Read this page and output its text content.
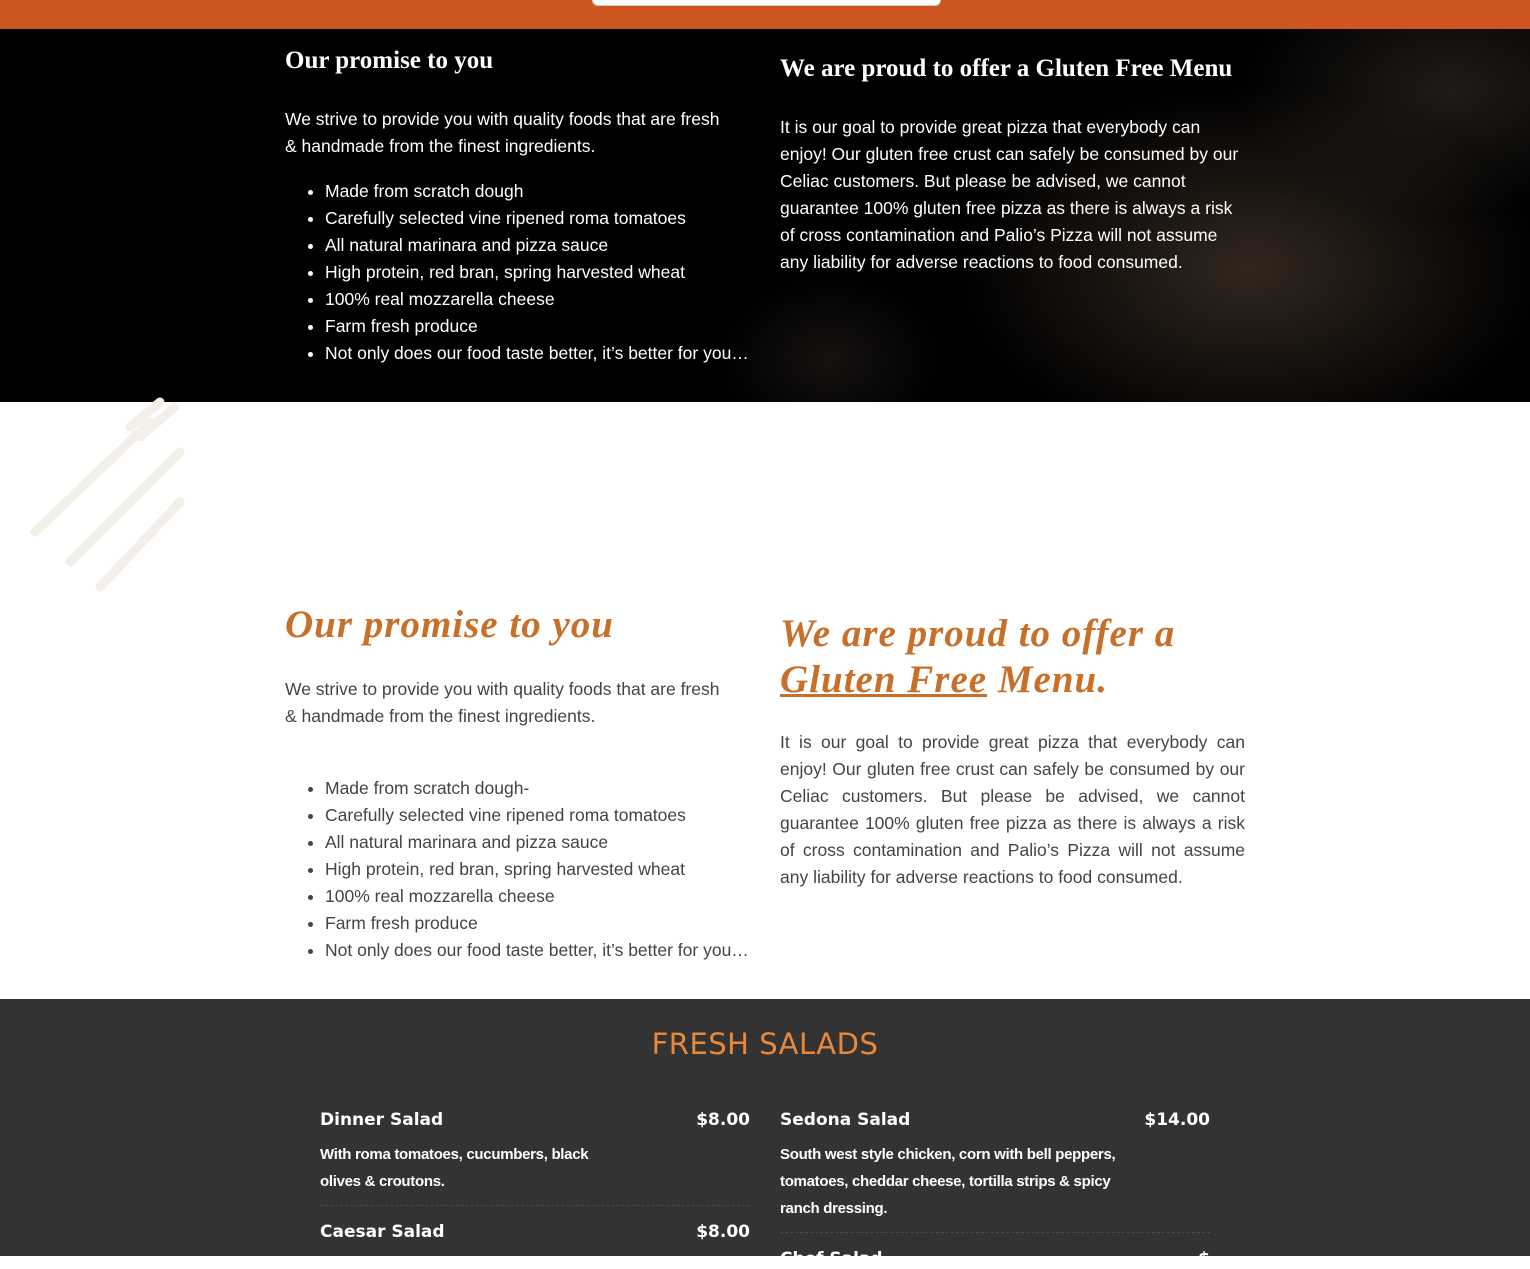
Our promise to you

We strive to provide you with quality foods that are fresh & handmade from the finest ingredients.

• Made from scratch dough
• Carefully selected vine ripened roma tomatoes
• All natural marinara and pizza sauce
• High protein, red bran, spring harvested wheat
• 100% real mozzarella cheese
• Farm fresh produce
• Not only does our food taste better, it’s better for you…
We are proud to offer a Gluten Free Menu

It is our goal to provide great pizza that everybody can enjoy! Our gluten free crust can safely be consumed by our Celiac customers. But please be advised, we cannot guarantee 100% gluten free pizza as there is always a risk of cross contamination and Palio’s Pizza will not assume any liability for adverse reactions to food consumed.

Our promise to you

We strive to provide you with quality foods that are fresh & handmade from the finest ingredients.

• Made from scratch dough-
• Carefully selected vine ripened roma tomatoes
• All natural marinara and pizza sauce
• High protein, red bran, spring harvested wheat
• 100% real mozzarella cheese
• Farm fresh produce
• Not only does our food taste better, it’s better for you…
We are proud to offer a
Gluten Free Menu.

It is our goal to provide great pizza that everybody can enjoy! Our gluten free crust can safely be consumed by our Celiac customers. But please be advised, we cannot guarantee 100% gluten free pizza as there is always a risk of cross contamination and Palio’s Pizza will not assume any liability for adverse reactions to food consumed.

FRESH SALADS
Dinner Salad	$8.00
With roma tomatoes, cucumbers, black olives & croutons.
Sedona Salad	$14.00
South west style chicken, corn with bell peppers, tomatoes, cheddar cheese, tortilla strips & spicy ranch dressing.
Caesar Salad	$8.00
Chef Salad	$
